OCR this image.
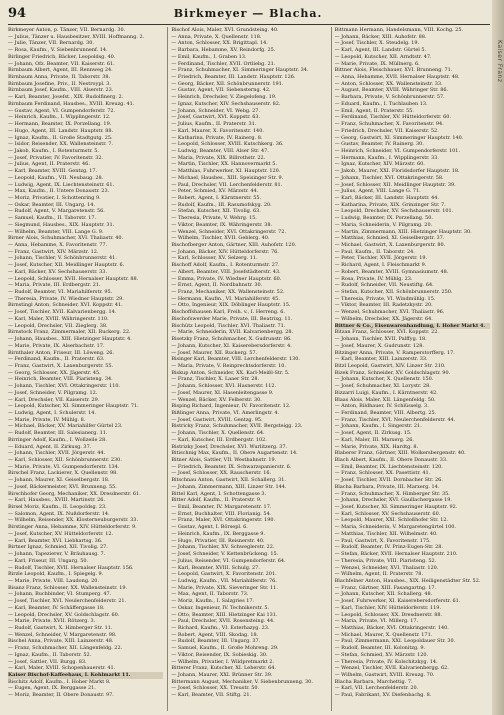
Kaiser Franz
94	Birkmeyer — Blacha.
Birkmeyer Anton, p. Tänzer, VII. Bernardg. 30.
— Julius, Tänzer u. Hausbesitzer, XVIII. Hoffmanng. 2.
— Julie, Tänzer, VII. Bernardg. 30.
— Rosa, Kaufm., V. Siebenbrunnenf. 14.
Birlinger Friedrich, Bäcker, Leopoldsg. 40.
— Johann, Ofz. Beamter, VII. Kaiserstr. 61.
Birnbaum Albert, Agent, III. Rennweg 24.
Birnbaum Anna, Private, II. Taborstr. 38.
Birnbaum Josefine, Priv., II. Nestroypl. 3.
Birnbaum Josef, Kaufm., VIII. Alserstr. 23.
— Karl, Beamter, Josefst., XIX. Rudolfinerg. 2.
Birnbaum Ferdinand, Hausbes., XVIII. Kreuzg. 41.
— Gustav, Agent, VI. Gumpendorferstr. 72.
— Heinrich, Kaufm., I. Wipplingerstr. 12.
— Hermann, Beamter, IX. Porzellang. 19.
— Hugo, Agent, III. Landstr. Hauptstr. 88.
— Ignaz, Kaufm., II. Große Stadtgutg. 25.
— Isidor, Reisender, XX. Wallensteinstr. 7.
— Jakob, Kaufm., I. Rotenturmstr. 5.
— Josef, Privatier, IV. Favoritenstr. 32.
— Julius, Agent, II. Praterstr. 46.
— Karl, Beamter, XVIII. Gentzg. 17.
— Leopold, Kaufm., VII. Neubaug. 28.
— Ludwig, Agent, IX. Liechtensteinstr. 61.
— Max, Kaufm., II. Untere Donaustr. 23.
— Moriz, Privatier, I. Schottenring 9.
— Oskar, Beamter, III. Ungarg. 14.
— Rudolf, Agent, V. Margaretenstr. 56.
— Samuel, Kaufm., II. Taborstr. 17.
— Siegmund, Hausbes., XIX. Hauptstr. 31.
— Wilhelm, Beamter, VIII. Lange G. 9.
Birner Alois, Schuhmacher, XVI. Thaliastr. 40.
— Anna, Hebamme, X. Favoritenstr. 77.
— Franz, Gastwirt, XIV. Märzstr. 12.
— Johann, Tischler, V. Schönbrunnerstr. 41.
— Josef, Kutscher, XII. Meidlinger Hauptstr. 6.
— Karl, Bäcker, XV. Sechshauserstr. 33.
— Leopold, Schlosser, XVII. Hernalser Hauptstr. 88.
— Maria, Private, III. Erdbergstr. 21.
— Rudolf, Beamter, VI. Mariahilferstr. 95.
— Theresia, Private, IV. Wiedner Hauptstr. 29.
Birnstingl Anton, Schneider, XVI. Koppstr. 41.
— Josef, Tischler, XVII. Kalvarienbergg. 14.
— Karl, Maler, XVIII. Währingerstr. 110.
— Leopold, Drechsler, VII. Zieglerg. 38.
Birnstock Franz, Zimmermaler, XII. Ruckerg. 22.
— Johann, Hausbes., XIII. Hietzinger Hauptstr. 4.
— Marie, Private, IX. Alserbachstr. 17.
Birnthaler Anton, Friseur, III. Löweng. 26.
— Ferdinand, Kaufm., II. Praterstr. 63.
— Franz, Gastwirt, X. Laxenburgerstr. 55.
— Georg, Schlosser, XX. Jägerstr. 45.
— Heinrich, Beamter, VIII. Piaristeng. 34.
— Johann, Tischler, XVI. Ottakringerstr. 110.
— Josef, Schneider, V. Pilgramg. 12.
— Karl, Drechsler, VII. Kaiserstr. 29.
— Leopold, Kutscher, XI. Simmeringer Hauptstr. 71.
— Ludwig, Agent, I. Schulerstr. 14.
— Marie, Private, IV. Mühlg. 8.
— Michael, Bäcker, XV. Mariahilfer Gürtel 23.
— Rudolf, Beamter, III. Salesianerg. 11.
Birringer Adolf, Kaufm., I. Wollzeile 28.
— Eduard, Agent, II. Zirkusg. 37.
— Johann, Tischler, XVII. Jörgerstr. 44.
— Karl, Schlosser, XII. Schönbrunnerstr. 230.
— Marie, Private, VI. Gumpendorferstr. 134.
Birschel Franz, Lackierer, X. Quellenstr. 98.
— Johann, Maurer, XI. Geiselbergstr. 18.
— Josef, Bäckermeister, XVI. Brunneng. 55.
Birschhofer Georg, Mechaniker, XX. Dresdnerstr. 61.
— Karl, Hausbes., XVIII. Martinstr. 26.
Birsel Moriz, Kaufm., II. Leopoldsg. 23.
— Salomon, Agent, IX. Nußdorferstr. 14.
— Wilhelm, Reisender, XX. Klosterneuburgerstr. 33.
Birstinger Anna, Hebamme, XIV. Hütteldorferstr. 9.
— Josef, Kutscher, XV. Hütteldorferstr. 12.
— Karl, Beamter, XVI. Liebhartsg. 36.
Birtner Ignaz, Schmied, XII. Tivolig. 27.
— Johann, Tapezierer, V. Bräuhausg. 7.
— Karl, Friseur, III. Ungarg. 50.
— Rudolf, Tischler, XVII. Hernalser Hauptstr. 156.
Birzle Leopold, Kaufm., I. Spiegelg. 9.
— Marie, Private, VIII. Laudong. 20.
Bisanz Franz, Schlosser, XX. Wallensteinstr. 19.
— Johann, Buchbinder, VI. Stumperg. 47.
— Josef, Tischler, XVI. Neulerchenfelderstr. 21.
— Karl, Beamter, IV. Schäffergasse 18.
— Leopold, Drechsler, XV. Goldschlagstr. 60.
— Marie, Private, XVII. Rötzerg. 3.
— Rudolf, Gastwirt, X. Himberger Str. 11.
— Wenzel, Schneider, V. Margaretenstr. 98.
Bischel Anna, Private, XIII. Lainzerstr. 48.
— Franz, Schuhmacher, XII. Längenfeldg. 22.
— Ignaz, Kaufm., II. Taborstr. 52.
— Josef, Sattler, VII. Burgg. 83.
— Karl, Maler, XVIII. Schopenhauerstr. 41.
Kaiser Bischof-Kaffeehaus, I. Kohlmarkt 11.
Bischitz Adolf, Kaufm., I. Hoher Markt 8.
— Eugen, Agent, IX. Berggasse 21.
— Moriz, Beamter, II. Obere Donaustr. 97.
Bischof Alois, Maler, XVI. Grundsteing. 40.
— Anna, Private, X. Quellenstr. 118.
— Anton, Schlosser, XX. Brigittapl. 14.
— Barbara, Hebamme, XV. Reindorfg. 25.
— Emil, Kaufm., I. Graben 13.
— Ferdinand, Tischler, XVII. Ortliebg. 21.
— Franz, Schuhmacher, XI. Simmeringer Hauptstr. 34.
— Friedrich, Beamter, III. Landstr. Hauptstr. 126.
— Georg, Bäcker, XII. Schönbrunnerstr. 191.
— Gustav, Agent, VII. Siebensterng. 42.
— Heinrich, Drechsler, V. Ziegelofeng. 19.
— Ignaz, Kutscher, XIV. Sechshauserstr. 82.
— Johann, Schneider, VI. Webg. 27.
— Josef, Gastwirt, XVI. Koppstr. 63.
— Julius, Kaufm., II. Praterstr. 31.
— Karl, Maurer, X. Favoritenstr. 140.
— Katharina, Private, IV. Rainerg. 8.
— Leopold, Schlosser, XVIII. Kutschkerg. 36.
— Ludwig, Beamter, VIII. Alser Str. 47.
— Maria, Private, XIX. Billrothstr. 22.
— Martin, Tischler, XX. Hannovermarkt 5.
— Matthias, Fuhrwerker, XI. Hauptstr. 120.
— Michael, Hausbes., XIII. Speisinger Str. 9.
— Paul, Drechsler, VII. Lerchenfelderstr. 81.
— Peter, Schmied, XV. Märzstr. 44.
— Robert, Agent, I. Kärntnerstr. 55.
— Rudolf, Kaufm., III. Rasumofskyg. 20.
— Stefan, Kutscher, XII. Tivolig. 63.
— Theresia, Private, V. Wehrg. 15.
— Viktor, Beamter, IX. Währingerstr. 38.
— Wenzel, Schneider, XVI. Ottakringerstr. 72.
— Wilhelm, Tischler, XVII. Geblerg. 40.
Bischofberger Anton, Gärtner, XIII. Auhofstr. 120.
— Johann, Bäcker, XIV. Hütteldorferstr. 76.
— Karl, Schlosser, XV. Selzerg. 11.
Bischoff Adolf, Kaufm., I. Rotenturmstr. 27.
— Albert, Beamter, VIII. Josefstädterstr. 43.
— Emma, Private, IV. Wiedner Hauptstr. 60.
— Ernst, Agent, II. Nordbahnstr. 30.
— Franz, Mechaniker, XX. Wallensteinstr. 52.
— Hermann, Kaufm., VI. Mariahilferstr. 45.
— Otto, Ingenieur, XIX. Döblinger Hauptstr. 15.
Bischoffshausen Karl, Freih. v., I. Herreng. 6.
Bischofswerder Marie, Private, III. Beatrixg. 11.
Bischütz Leopold, Tischler, XVI. Thaliastr. 71.
— Marie, Schneiderin, XVII. Kalvarienbergg. 28.
Bisetzky Franz, Schuhmacher, X. Gudrunstr. 86.
— Johann, Kutscher, XI. Kaiserebersdorferstr. 4.
— Josef, Maurer, XII. Ruckerg. 57.
Bisinger Karl, Beamter, VIII. Lerchenfelderstr. 130.
— Maria, Private, V. Reinprechtsdorferstr. 10.
Biskup Anton, Schneider, XX. Karl-Meißl-Str. 5.
— Franz, Tischler, X. Laaer Str. 28.
— Johann, Schlosser, XVI. Hasnerstr. 112.
— Josef, Maurer, XI. Hasenleitengasse 9.
— Wenzel, Bäcker, XV. Felberstr. 30.
Bisping Richard, Ingenieur, IV. Favoritenstr. 12.
Bißlinger Anna, Private, VI. Amerlingstr. 4.
— Josef, Gastwirt, XVIII. Gentzg. 95.
Bistricky Franz, Schuhmacher, XVII. Bergsteigg. 23.
— Johann, Tischler, X. Quellenstr. 64.
— Karl, Kutscher, III. Erdbergstr. 102.
Bistrizky Josef, Drechsler, XVI. Wurlitzerg. 37.
Bitischnig Max, Kaufm., II. Obere Augartenstr. 14.
Bitner Alois, Sattler, VII. Westbahnstr. 19.
— Friedrich, Beamter, IX. Schwarzspanierstr. 6.
— Josef, Schlosser, XX. Rauscherstr. 16.
Bitschnau Anton, Gastwirt, XII. Schallerg. 31.
— Johann, Zimmermann, XIII. Linzer Str. 144.
Bittel Karl, Agent, I. Schottengasse 3.
Bitter Adolf, Kaufm., II. Praterstr. 9.
— Emil, Beamter, IV. Margaretenstr. 17.
— Ernst, Buchhalter, VIII. Florianig. 54.
— Franz, Maler, XVI. Ottakringerstr. 190.
— Gustav, Agent, I. Börsepl. 6.
— Heinrich, Kaufm., IX. Berggasse 9.
— Hugo, Privatier, III. Reisnerstr. 40.
— Johann, Tischler, XV. Schweglerstr. 22.
— Josef, Schneider, V. Kettenbrückeng. 15.
— Julius, Reisender, VI. Gumpendorferstr. 64.
— Karl, Beamter, XVIII. Schulg. 27.
— Leopold, Gastwirt, X. Favoritenstr. 201.
— Ludwig, Kaufm., VII. Mariahilferstr. 76.
— Marie, Private, XIX. Sieveringer Str. 11.
— Max, Agent, II. Taborstr. 73.
— Moriz, Kaufm., I. Salzgries 17.
— Oskar, Ingenieur, IV. Technikerstr. 5.
— Otto, Beamter, XIII. Hietzinger Kai 131.
— Paul, Drechsler, XVII. Rosensteing. 44.
— Richard, Kaufm., VI. Esterhazyg. 23.
— Robert, Agent, VIII. Skodag. 18.
— Rudolf, Beamter, III. Ungarg. 37.
— Samuel, Kaufm., II. Große Mohreng. 29.
— Viktor, Reisender, IX. Sobieskig. 30.
— Wilhelm, Privatier, I. Wildpretmarkt 2.
Bitterer Franz, Kutscher, XI. Leberstr. 64.
— Johann, Maurer, XXI. Brünner Str. 39.
Bittermann August, Mechaniker, V. Siebenbrunneng. 30.
— Josef, Schlosser, XX. Treustr. 50.
— Karl, Beamter, VII. Stiftg. 21.
Bittmann Hermann, Handelsmann, VIII. Kochg. 25.
— Johann, Bäcker, XIII. Auhofstr. 88.
— Josef, Tischler, X. Steudelg. 19.
— Karl, Agent, III. Landstr. Gürtel 5.
— Leopold, Kutscher, XII. Arndtstr. 47.
— Marie, Private, IX. Müllnerg. 6.
Bittner Alois, Fleischhauer, XVI. Brunneng. 71.
— Anna, Hebamme, XVII. Hernalser Hauptstr. 48.
— Anton, Schlosser, XX. Wallensteinstr. 33.
— August, Beamter, XVIII. Währinger Str. 86.
— Barbara, Private, V. Schönbrunnerstr. 57.
— Eduard, Kaufm., I. Tuchlauben 13.
— Emil, Agent, II. Praterstr. 55.
— Ferdinand, Tischler, XV. Hütteldorferstr. 60.
— Franz, Schuhmacher, X. Favoritenstr. 94.
— Friedrich, Drechsler, VII. Kaiserstr. 52.
— Georg, Gastwirt, XI. Simmeringer Hauptstr. 140.
— Gustav, Beamter, IV. Rainerg. 30.
— Heinrich, Schneider, VI. Gumpendorferstr. 101.
— Hermann, Kaufm., I. Wipplingerstr. 33.
— Ignaz, Kutscher, XIV. Märzstr. 60.
— Jakob, Maurer, XXI. Floridsdorfer Hauptstr. 18.
— Johann, Tischler, XVI. Ottakringerstr. 58.
— Josef, Schlosser, XII. Meidlinger Hauptstr. 39.
— Julius, Agent, VIII. Lange G. 71.
— Karl, Bäcker, III. Landstr. Hauptstr. 44.
— Katharina, Private, XIX. Grinzinger Str. 7.
— Leopold, Drechsler, XV. Sechshauserstr. 101.
— Ludwig, Beamter, IX. Porzellang. 50.
— Maria, Schneiderin, V. Pilgramg. 20.
— Martin, Zimmermann, XIII. Hietzinger Hauptstr. 30.
— Matthias, Schmied, XI. Geiselbergstr. 37.
— Michael, Gastwirt, X. Laxenburgerstr. 80.
— Paul, Kaufm., II. Taborstr. 24.
— Peter, Tischler, XVII. Jörgerstr. 19.
— Richard, Agent, I. Fleischmarkt 9.
— Robert, Beamter, XVIII. Gymnasiumstr. 48.
— Rosa, Private, IV. Mühlg. 23.
— Rudolf, Schneider, VII. Neustiftg. 64.
— Stefan, Kutscher, XII. Schönbrunnerstr. 250.
— Theresia, Private, VI. Windmühlg. 15.
— Viktor, Beamter, III. Radetzkystr. 20.
— Wenzel, Schuhmacher, XVI. Thaliastr. 96.
— Wilhelm, Drechsler, XX. Jägerstr. 64.
Bittner & Co., Eisenwarenhandlung, I. Hoher Markt 4.
Bitzan Franz, Schlosser, XVI. Koppstr. 22.
— Johann, Tischler, XVII. Palffyg. 18.
— Josef, Maurer, X. Gudrunstr. 128.
Bitzinger Anna, Private, V. Ramperstorfferg. 17.
— Karl, Beamter, XIII. Lainzerstr. 33.
Bitzl Leopold, Gastwirt, XIV. Linzer Str. 210.
Bizek Franz, Schneider, XV. Goldschlagstr. 90.
— Johann, Kutscher, X. Quellenstr. 150.
— Josef, Schuhmacher, XI. Lorystr. 28.
Bizzarri Luigi, Kaufm., I. Kärntnerstr. 42.
Blaas Alois, Maler, XII. Längenfeldg. 50.
— Anton, Bildhauer, IV. Schlüsselg. 3.
— Ferdinand, Beamter, VIII. Albertg. 25.
— Franz, Tischler, XVI. Neulerchenfelderstr. 44.
— Johann, Kaufm., I. Singerstr. 21.
— Josef, Agent, II. Zirkusg. 15.
— Karl, Maler, III. Marxerg. 26.
— Marie, Private, XIX. Hardtg. 8.
Blaberer Franz, Gärtner, XIII. Wolkersbergenstr. 40.
Blach Albert, Kaufm., II. Obere Donaustr. 33.
— Emil, Beamter, IX. Liechtensteinstr. 120.
— Franz, Schlosser, XX. Pasettistr. 41.
— Josef, Tischler, XVII. Dornbacher Str. 26.
Blacha Barbara, Private, III. Marxerg. 14.
— Franz, Schuhmacher, X. Himberger Str. 35.
— Johann, Drechsler, XVI. Gaullachergasse 19.
— Josef, Kutscher, XI. Simmeringer Hauptstr. 92.
— Karl, Schlosser, XV. Sechshauserstr. 60.
— Leopold, Maurer, XXI. Schloßhofer Str. 12.
— Maria, Schneiderin, V. Margaretengürtel 100.
— Matthias, Tischler, XII. Wilhelmstr. 40.
— Paul, Gastwirt, X. Favoritenstr. 175.
— Rudolf, Beamter, IV. Prinz-Eugen-Str. 28.
— Stefan, Bäcker, XVII. Hernalser Hauptstr. 210.
— Theresia, Private, VIII. Piaristeng. 52.
— Wenzel, Schneider, XVI. Thaliastr. 120.
— Wilhelm, Agent, II. Praterstr. 78.
Blachfelner Anton, Hausbes., XIX. Heiligenstädter Str. 52.
— Franz, Gärtner, XIII. Fasangartng. 17.
— Johann, Kutscher, XII. Schallerg. 48.
— Josef, Fuhrwerker, XI. Kaiserebersdorferstr. 61.
— Karl, Tischler, XIV. Hütteldorferstr. 119.
— Leopold, Schlosser, XX. Dresdnerstr. 88.
— Maria, Private, VI. Millerg. 17.
— Matthias, Bäcker, XVI. Ottakringerstr. 140.
— Michael, Maurer, X. Quellenstr. 171.
— Paul, Zimmermann, XXI. Leopoldauer Str. 30.
— Rudolf, Beamter, III. Kolonitzg. 9.
— Stefan, Schmied, XV. Märzstr. 120.
— Theresia, Private, IV. Kolschitzkyg. 14.
— Wenzel, Tischler, XVII. Kalvarienbergg. 62.
— Wilhelm, Gastwirt, XVIII. Kreuzg. 70.
Blacha Barbara, Marchettig. 7.
— Karl, VII. Lerchenfelderstr. 20.
— Paul, Fabrikant, XV. Diefenbachg. 8.
